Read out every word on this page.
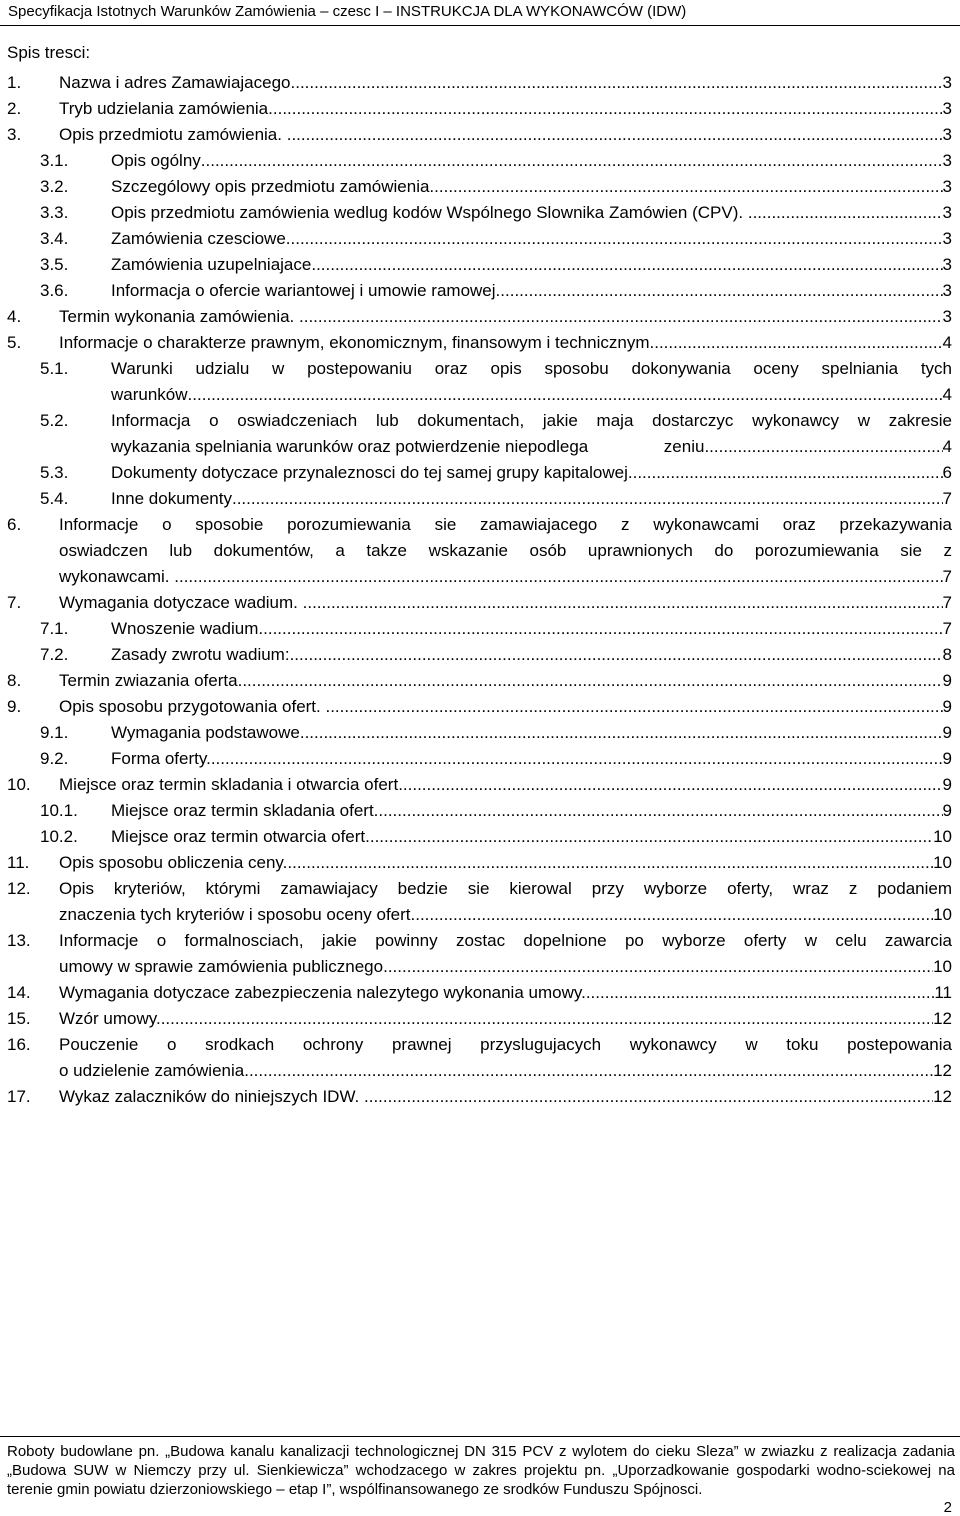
Specyfikacja Istotnych Warunków Zamówienia – czesc I – INSTRUKCJA DLA WYKONAWCÓW (IDW)
Spis tresci:
1. Nazwa i adres Zamawiajacego. .....	3
2. Tryb udzielania zamówienia. .....	3
3. Opis przedmiotu zamówienia. .....	3
3.1.	Opis ogólny .....	3
3.2.	Szczególowy opis przedmiotu zamówienia. .....	3
3.3.	Opis przedmiotu zamówienia wedlug kodów Wspólnego Slownika Zamówien (CPV). .....	3
3.4.	Zamówienia czesciowe. .....	3
3.5.	Zamówienia uzupelniajace. .....	3
3.6.	Informacja o ofercie wariantowej i umowie ramowej .....	3
4. Termin wykonania zamówienia. .....	3
5. Informacje o charakterze prawnym, ekonomicznym, finansowym i technicznym .....	4
5.1.	Warunki udzialu w postepowaniu oraz opis sposobu dokonywania oceny spelniania tych
warunków .....	4
5.2.	Informacja o oswiadczeniach lub dokumentach, jakie maja dostarczyc wykonawcy w zakresie
wykazania spelniania warunków oraz potwierdzenie niepodlega                zeniu .....	4
5.3.	Dokumenty dotyczace przynaleznosci do tej samej grupy kapitalowej .....	6
5.4.	Inne dokumenty .....	7
6. Informacje o sposobie porozumiewania sie zamawiajacego z wykonawcami oraz przekazywania
oswiadczen lub dokumentów, a takze wskazanie osób uprawnionych do porozumiewania sie z
wykonawcami. .....	7
7. Wymagania dotyczace wadium. .....	7
7.1.	Wnoszenie wadium .....	7
7.2.	Zasady zwrotu wadium: .....	8
8. Termin zwiazania oferta. .....	9
9. Opis sposobu przygotowania ofert. .....	9
9.1.	Wymagania podstawowe. .....	9
9.2.	Forma oferty. .....	9
10. Miejsce oraz termin skladania i otwarcia ofert .....	9
10.1. Miejsce oraz termin skladania ofert. .....	9
10.2. Miejsce oraz termin otwarcia ofert .....	10
11. Opis sposobu obliczenia ceny. .....	10
12. Opis kryteriów, którymi zamawiajacy bedzie sie kierowal przy wyborze oferty, wraz z podaniem
znaczenia tych kryteriów i sposobu oceny ofert. .....	10
13. Informacje o formalnosciach, jakie powinny zostac dopelnione po wyborze oferty w celu zawarcia
umowy w sprawie zamówienia publicznego. .....	10
14. Wymagania dotyczace zabezpieczenia nalezytego wykonania umowy. .....	11
15. Wzór umowy. .....	12
16. Pouczenie o srodkach ochrony prawnej przyslugujacych wykonawcy w toku postepowania
o udzielenie zamówienia. .....	12
17. Wykaz zalaczników do niniejszych IDW. .....	12
Roboty budowlane pn. „Budowa kanalu kanalizacji technologicznej DN 315 PCV z wylotem do cieku Sleza” w zwiazku z realizacja zadania „Budowa SUW w Niemczy przy ul. Sienkiewicza” wchodzacego w zakres projektu pn. „Uporzadkowanie gospodarki wodno-sciekowej na terenie gmin powiatu dzierzoniowskiego – etap I”, wspólfinansowanego ze srodków Funduszu Spójnosci.
2
